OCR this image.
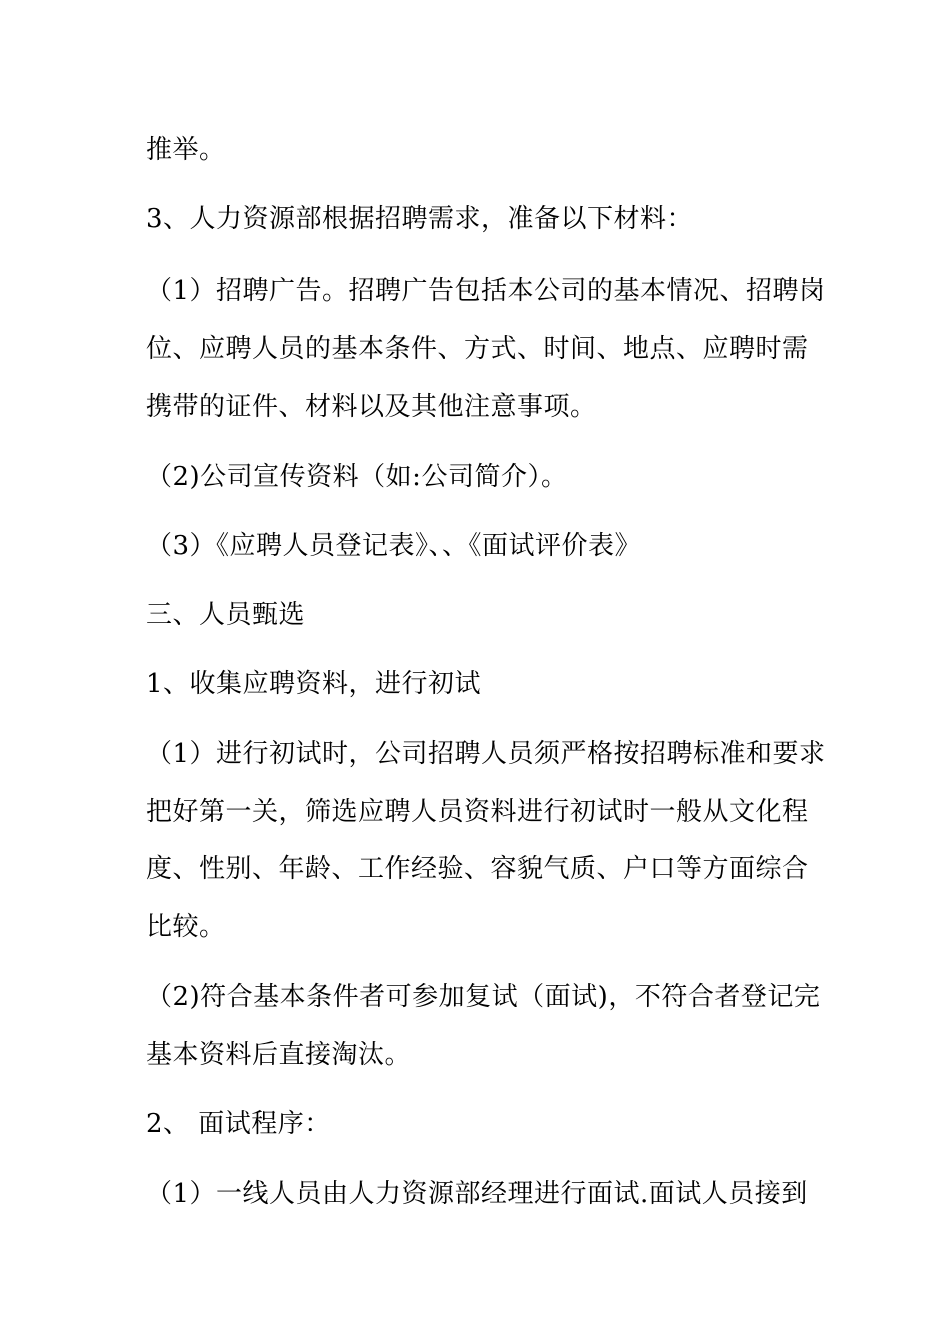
推举。
3、人力资源部根据招聘需求，准备以下材料：
（1）招聘广告。招聘广告包括本公司的基本情况、招聘岗
位、应聘人员的基本条件、方式、时间、地点、应聘时需
携带的证件、材料以及其他注意事项。
（2)公司宣传资料（如:公司简介）。
（3）《应聘人员登记表》、、《面试评价表》
三、人员甄选
1、收集应聘资料，进行初试
（1）进行初试时，公司招聘人员须严格按招聘标准和要求
把好第一关，筛选应聘人员资料进行初试时一般从文化程
度、性别、年龄、工作经验、容貌气质、户口等方面综合
比较。
（2)符合基本条件者可参加复试（面试)，不符合者登记完
基本资料后直接淘汰。
2、 面试程序：
（1）一线人员由人力资源部经理进行面试.面试人员接到
